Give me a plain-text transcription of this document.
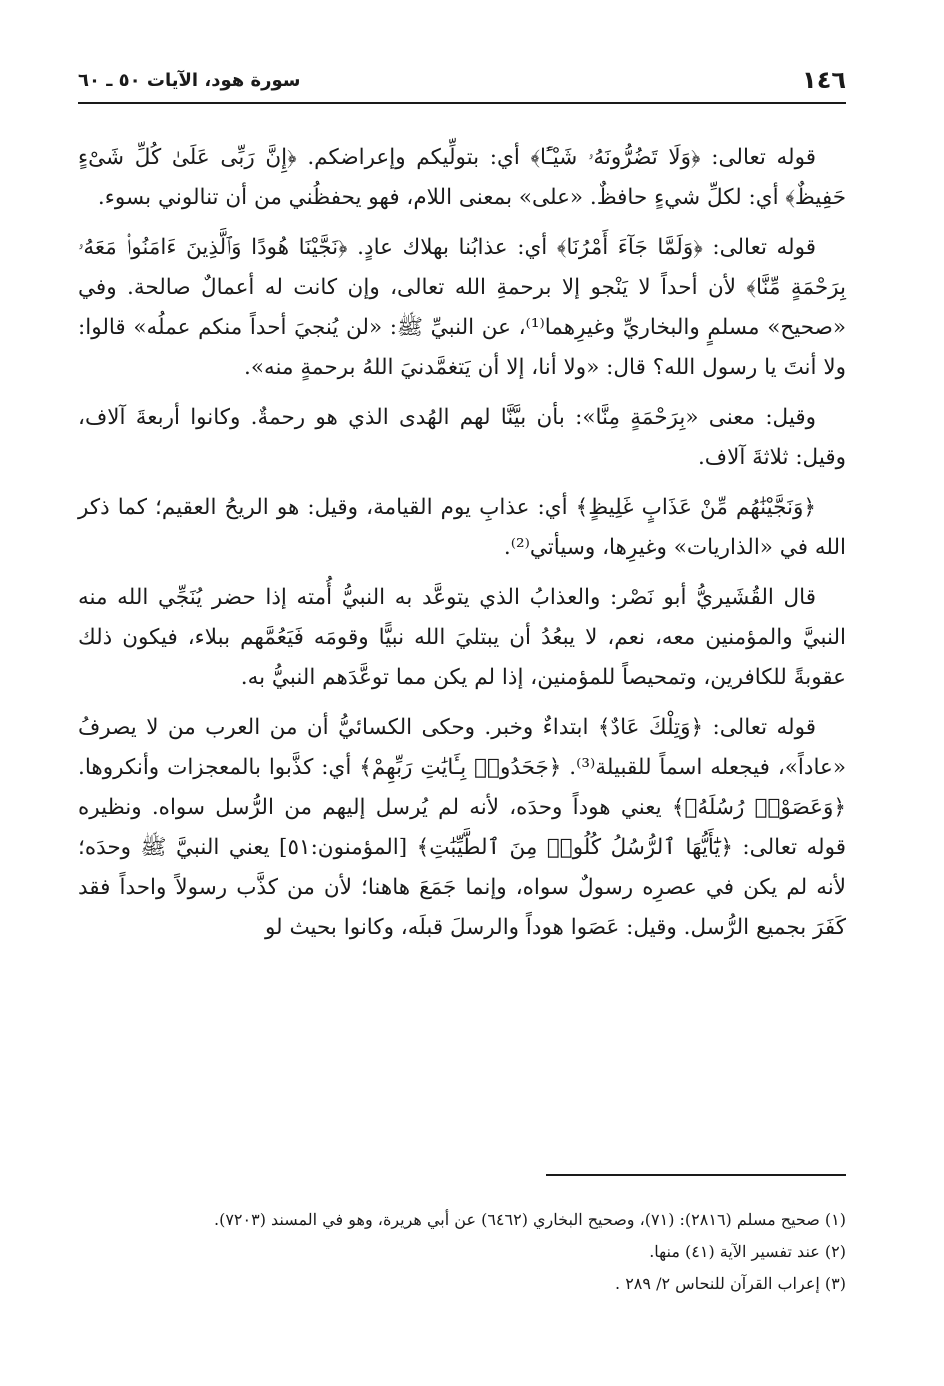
١٤٦
سورة هود، الآيات ٥٠ ـ ٦٠

قوله تعالى: ﴿وَلَا تَضُرُّونَهُۥ شَيْـًٔا﴾ أي: بتولِّيكم وإعراضكم. ﴿إِنَّ رَبِّى عَلَىٰ كُلِّ شَىْءٍ حَفِيظٌ﴾ أي: لكلِّ شيءٍ حافظٌ. «على» بمعنى اللام، فهو يحفظُني من أن تنالوني بسوء.

قوله تعالى: ﴿وَلَمَّا جَآءَ أَمْرُنَا﴾ أي: عذابُنا بهلاك عادٍ. ﴿نَجَّيْنَا هُودًا وَٱلَّذِينَ ءَامَنُوا۟ مَعَهُۥ بِرَحْمَةٍ مِّنَّا﴾ لأن أحداً لا يَنْجو إلا برحمةِ الله تعالى، وإن كانت له أعمالٌ صالحة. وفي «صحيح» مسلمٍ والبخاريِّ وغيرِهما⁽¹⁾، عن النبيِّ ﷺ: «لن يُنجيَ أحداً منكم عملُه» قالوا: ولا أنتَ يا رسول الله؟ قال: «ولا أنا، إلا أن يَتغمَّدنيَ اللهُ برحمةٍ منه».

وقيل: معنى «بِرَحْمَةٍ مِنَّا»: بأن بيَّنَّا لهم الهُدى الذي هو رحمةٌ. وكانوا أربعةَ آلاف، وقيل: ثلاثةَ آلاف.

﴿وَنَجَّيْنَٰهُم مِّنْ عَذَابٍ غَلِيظٍ﴾ أي: عذابِ يوم القيامة، وقيل: هو الريحُ العقيم؛ كما ذكر الله في «الذاريات» وغيرِها، وسيأتي⁽²⁾.

قال القُشَيريُّ أبو نَصْر: والعذابُ الذي يتوعَّد به النبيُّ أُمته إذا حضر يُنَجِّي الله منه النبيَّ والمؤمنين معه، نعم، لا يبعُدُ أن يبتليَ الله نبيًّا وقومَه فَيَعُمَّهم ببلاء، فيكون ذلك عقوبةً للكافرين، وتمحيصاً للمؤمنين، إذا لم يكن مما توعَّدَهم النبيُّ به.

قوله تعالى: ﴿وَتِلْكَ عَادٌ﴾ ابتداءٌ وخبر. وحكى الكسائيُّ أن من العرب من لا يصرفُ «عاداً»، فيجعله اسماً للقبيلة⁽³⁾. ﴿جَحَدُوا۟ بِـَٔايَٰتِ رَبِّهِمْ﴾ أي: كذَّبوا بالمعجزات وأنكروها. ﴿وَعَصَوْا۟ رُسُلَهُۥ﴾ يعني هوداً وحدَه، لأنه لم يُرسل إليهم من الرُّسل سواه. ونظيره قوله تعالى: ﴿يَٰٓأَيُّهَا ٱلرُّسُلُ كُلُوا۟ مِنَ ٱلطَّيِّبَٰتِ﴾ [المؤمنون:٥١] يعني النبيَّ ﷺ وحدَه؛ لأنه لم يكن في عصرِه رسولٌ سواه، وإنما جَمَعَ هاهنا؛ لأن من كذَّب رسولاً واحداً فقد كَفَرَ بجميع الرُّسل. وقيل: عَصَوا هوداً والرسلَ قبلَه، وكانوا بحيث لو

(١) صحيح مسلم (٢٨١٦): (٧١)، وصحيح البخاري (٦٤٦٢) عن أبي هريرة، وهو في المسند (٧٢٠٣).
(٢) عند تفسير الآية (٤١) منها.
(٣) إعراب القرآن للنحاس ٢/ ٢٨٩ .
